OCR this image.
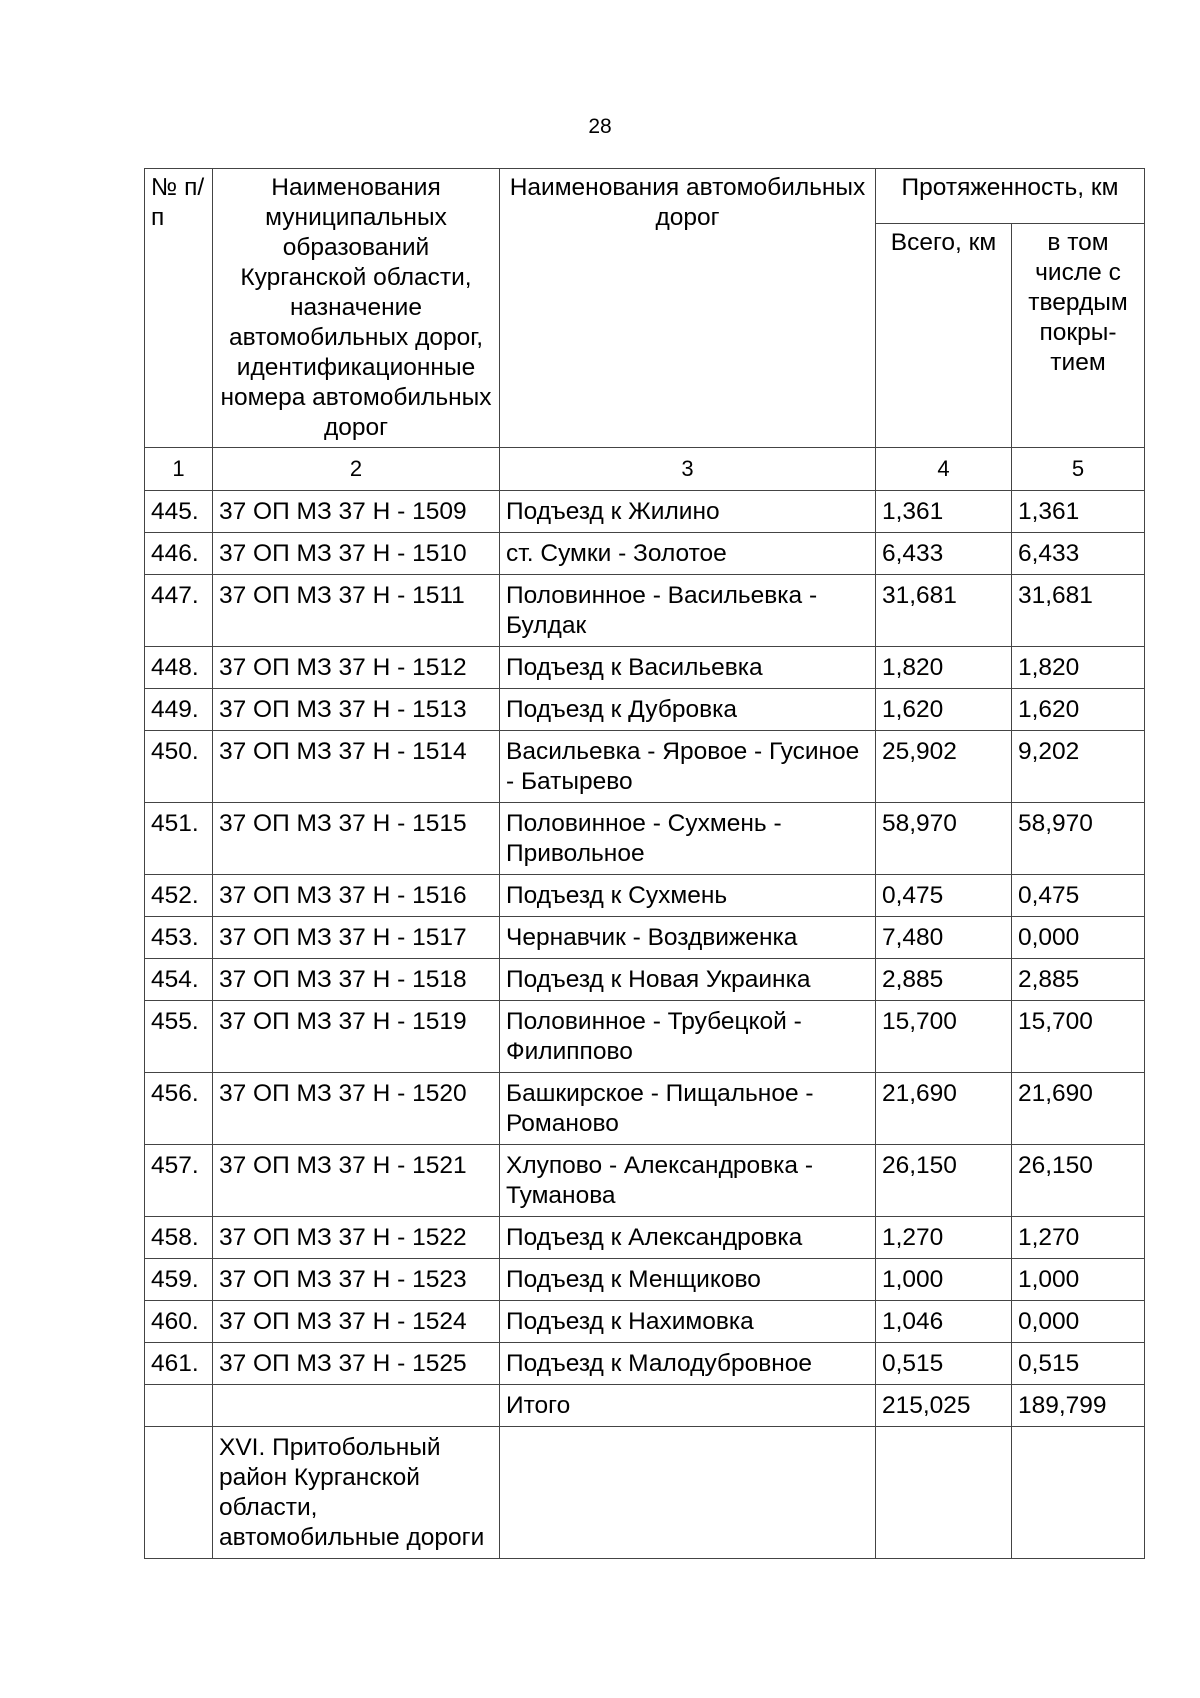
28
№ п/п	Наименования муниципальных образований Курганской области, назначение автомобильных дорог, идентификационные номера автомобильных дорог	Наименования автомобильных дорог	Протяженность, км	
			Всего, км	в том числе с твердым покры- тием
1	2	3	4	5
445.	37 ОП МЗ 37 Н - 1509	Подъезд к Жилино	1,361	1,361
446.	37 ОП МЗ 37 Н - 1510	ст. Сумки - Золотое	6,433	6,433
447.	37 ОП МЗ 37 Н - 1511	Половинное - Васильевка - Булдак	31,681	31,681
448.	37 ОП МЗ 37 Н - 1512	Подъезд к Васильевка	1,820	1,820
449.	37 ОП МЗ 37 Н - 1513	Подъезд к Дубровка	1,620	1,620
450.	37 ОП МЗ 37 Н - 1514	Васильевка - Яровое - Гусиное - Батырево	25,902	9,202
451.	37 ОП МЗ 37 Н - 1515	Половинное - Сухмень - Привольное	58,970	58,970
452.	37 ОП МЗ 37 Н - 1516	Подъезд к Сухмень	0,475	0,475
453.	37 ОП МЗ 37 Н - 1517	Чернавчик - Воздвиженка	7,480	0,000
454.	37 ОП МЗ 37 Н - 1518	Подъезд к Новая Украинка	2,885	2,885
455.	37 ОП МЗ 37 Н - 1519	Половинное - Трубецкой - Филиппово	15,700	15,700
456.	37 ОП МЗ 37 Н - 1520	Башкирское - Пищальное - Романово	21,690	21,690
457.	37 ОП МЗ 37 Н - 1521	Хлупово - Александровка - Туманова	26,150	26,150
458.	37 ОП МЗ 37 Н - 1522	Подъезд к Александровка	1,270	1,270
459.	37 ОП МЗ 37 Н - 1523	Подъезд к Менщиково	1,000	1,000
460.	37 ОП МЗ 37 Н - 1524	Подъезд к Нахимовка	1,046	0,000
461.	37 ОП МЗ 37 Н - 1525	Подъезд к Малодубровное	0,515	0,515
		Итого	215,025	189,799
	XVI. Притобольный район Курганской области, автомобильные дороги			
